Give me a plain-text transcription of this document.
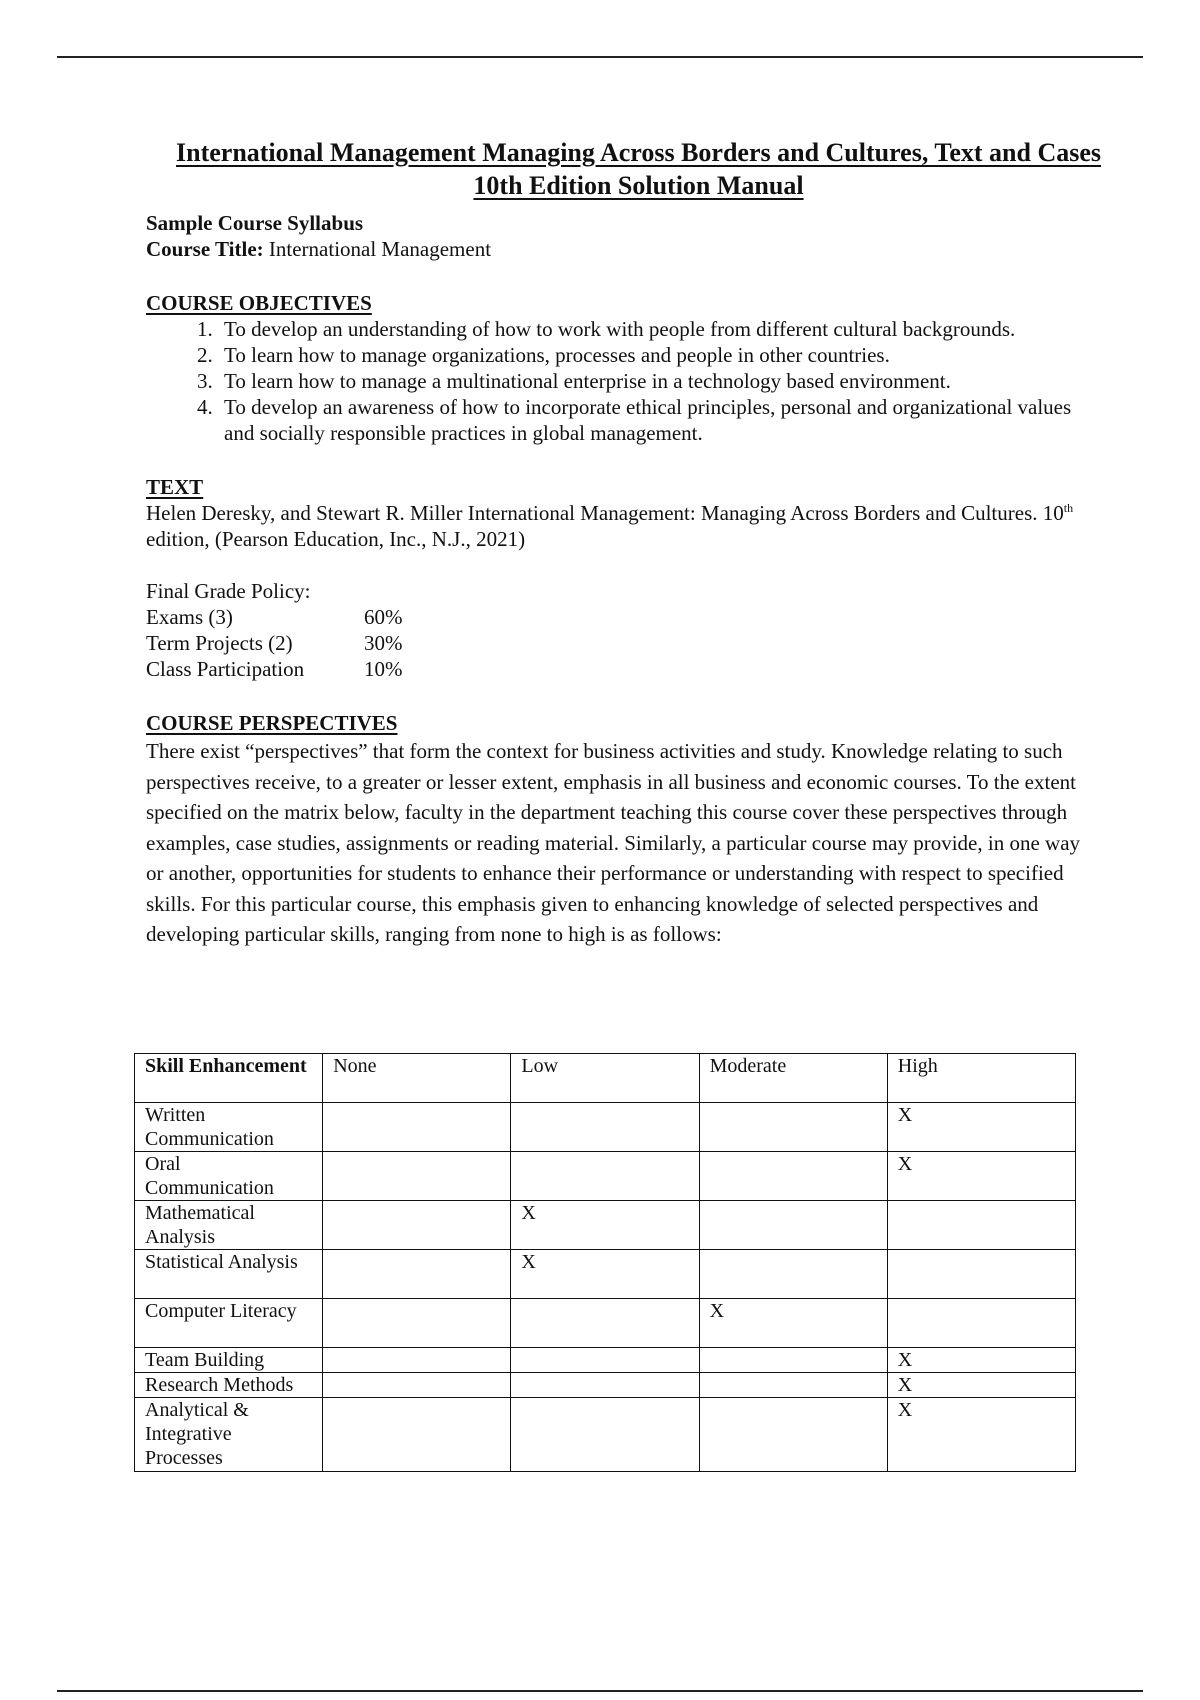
International Management Managing Across Borders and Cultures, Text and Cases
10th Edition Solution Manual

Sample Course Syllabus

Course Title: International Management

COURSE OBJECTIVES

1. To develop an understanding of how to work with people from different cultural backgrounds.
2. To learn how to manage organizations, processes and people in other countries.
3. To learn how to manage a multinational enterprise in a technology based environment.
4. To develop an awareness of how to incorporate ethical principles, personal and organizational values and socially responsible practices in global management.

TEXT

Helen Deresky, and Stewart R. Miller International Management: Managing Across Borders and Cultures. 10th edition, (Pearson Education, Inc., N.J., 2021)

Final Grade Policy:
Exams (3)	60%
Term Projects (2)	30%
Class Participation	10%

COURSE PERSPECTIVES

There exist “perspectives” that form the context for business activities and study. Knowledge relating to such perspectives receive, to a greater or lesser extent, emphasis in all business and economic courses. To the extent specified on the matrix below, faculty in the department teaching this course cover these perspectives through examples, case studies, assignments or reading material. Similarly, a particular course may provide, in one way or another, opportunities for students to enhance their performance or understanding with respect to specified skills. For this particular course, this emphasis given to enhancing knowledge of selected perspectives and developing particular skills, ranging from none to high is as follows:

Skill Enhancement	None	Low	Moderate	High
Written Communication				X
Oral Communication				X
Mathematical Analysis		X		
Statistical Analysis		X		
Computer Literacy			X	
Team Building				X
Research Methods				X
Analytical & Integrative Processes				X
